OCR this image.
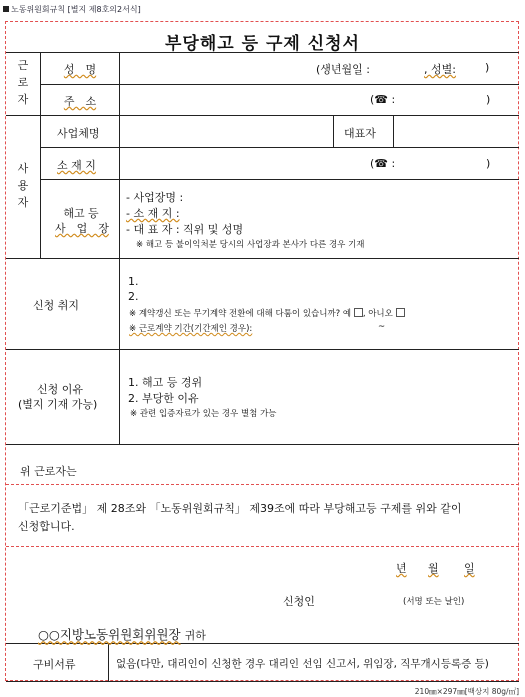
노동위원회규칙 [별지 제8호의2서식]
부당해고 등 구제 신청서
근
로
자
성　명	(생년월일 :	, 성별:	)
주　소	(☎ :	)
사
용
자
사업체명	대표자
소 재 지	(☎ :	)
해고 등
사　업　장
- 사업장명 :
- 소 재 지 :
- 대 표 자 : 직위 및 성명
※ 해고 등 불이익처분 당시의 사업장과 본사가 다른 경우 기재
신청 취지
1.
2.
※ 계약갱신 또는 무기계약 전환에 대해 다툼이 있습니까? 예 , 아니오
※ 근로계약 기간(기간제인 경우):	~
신청 이유
(별지 기재 가능)
1. 해고 등 경위
2. 부당한 이유
※ 관련 입증자료가 있는 경우 별첨 가능
위 근로자는
「근로기준법」 제 28조와 「노동위원회규칙」 제39조에 따라 부당해고등 구제를 위와 같이
신청합니다.
년 월 일
신청인	(서명 또는 날인)
○○지방노동위원회위원장 귀하
구비서류	없음(다만, 대리인이 신청한 경우 대리인 선임 신고서, 위임장, 직무개시등록증 등)
210㎜×297㎜[백상지 80g/㎡]
